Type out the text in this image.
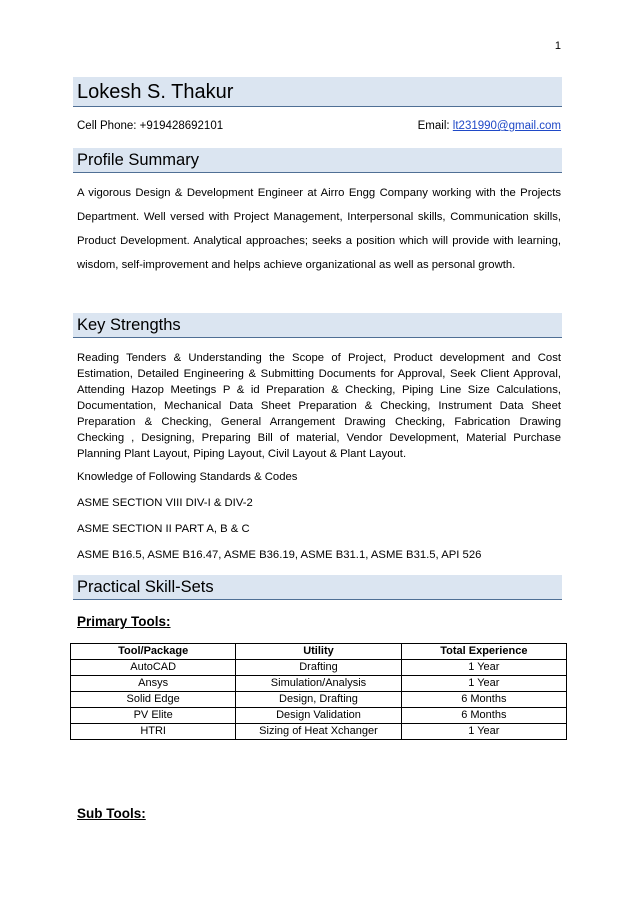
1
Lokesh S. Thakur
Cell Phone: +919428692101	Email: lt231990@gmail.com
Profile Summary

A vigorous Design & Development Engineer at Airro Engg Company working with the Projects Department. Well versed with Project Management, Interpersonal skills, Communication skills, Product Development. Analytical approaches; seeks a position which will provide with learning, wisdom, self-improvement and helps achieve organizational as well as personal growth.

Key Strengths

Reading Tenders & Understanding the Scope of Project, Product development and Cost Estimation, Detailed Engineering & Submitting Documents for Approval, Seek Client Approval, Attending Hazop Meetings P & id Preparation & Checking, Piping Line Size Calculations, Documentation, Mechanical Data Sheet Preparation & Checking, Instrument Data Sheet Preparation & Checking, General Arrangement Drawing Checking, Fabrication Drawing Checking , Designing, Preparing Bill of material, Vendor Development, Material Purchase Planning Plant Layout, Piping Layout, Civil Layout & Plant Layout.

Knowledge of Following Standards & Codes
ASME SECTION VIII DIV-I & DIV-2
ASME SECTION II PART A, B & C
ASME B16.5, ASME B16.47, ASME B36.19, ASME B31.1, ASME B31.5, API 526
Practical Skill-Sets
Primary Tools:
Tool/Package	Utility	Total Experience
AutoCAD	Drafting	1 Year
Ansys	Simulation/Analysis	1 Year
Solid Edge	Design, Drafting	6 Months
PV Elite	Design Validation	6 Months
HTRI	Sizing of Heat Xchanger	1 Year
Sub Tools:
